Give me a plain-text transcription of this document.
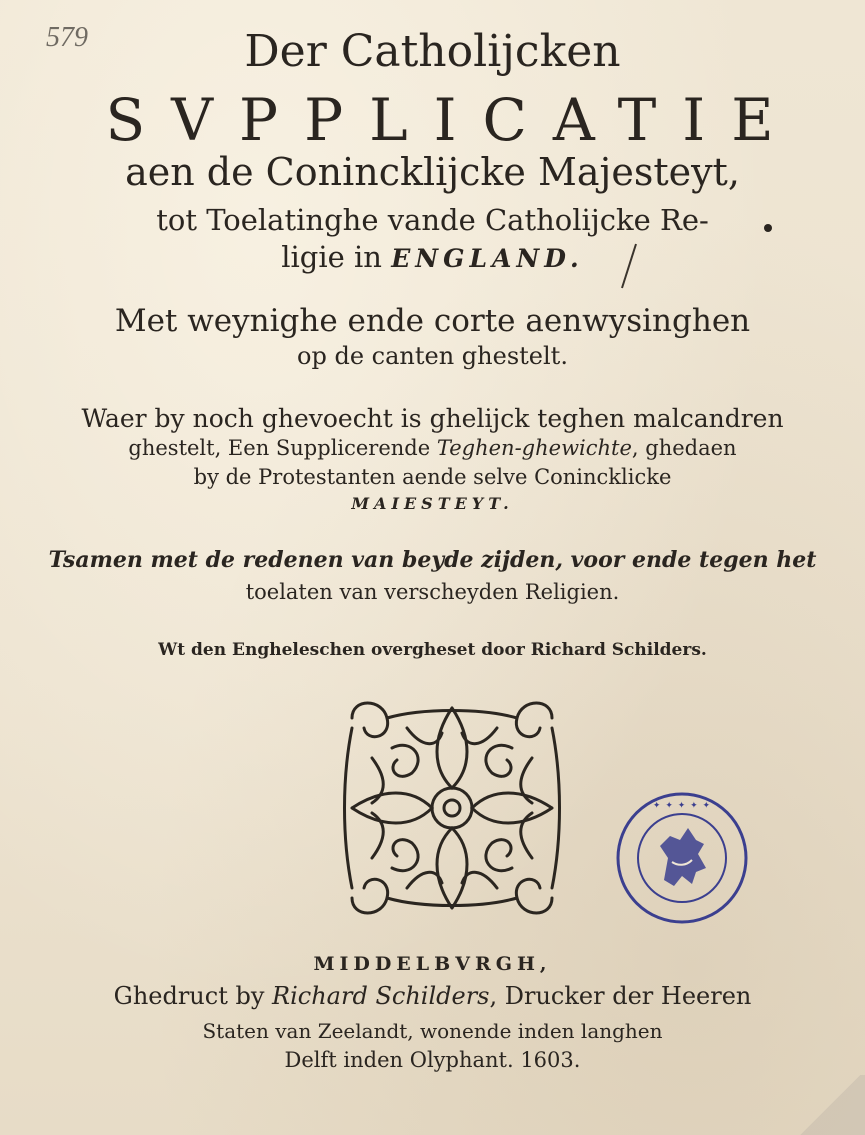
579	Der Catholijcken
SVPPLICATIE
aen de Conincklijcke Majesteyt,
tot Toelatinghe vande Catholijcke Re-
ligie in ENGLAND.
Met weynighe ende corte aenwysinghen
op de canten ghestelt.
Waer by noch ghevoecht is ghelijck teghen malcandren
ghestelt, Een Supplicerende Teghen-ghewichte, ghedaen
by de Protestanten aende selve Conincklicke
MAIESTEYT.
Tsamen met de redenen van beyde zijden, voor ende tegen het
toelaten van verscheyden Religien.
Wt den Engheleschen overgheset door Richard Schilders.
✦ ✦ ✦ ✦ ✦
MIDDELBVRGH,
Ghedruct by Richard Schilders, Drucker der Heeren
Staten van Zeelandt, wonende inden langhen
Delft inden Olyphant. 1603.
